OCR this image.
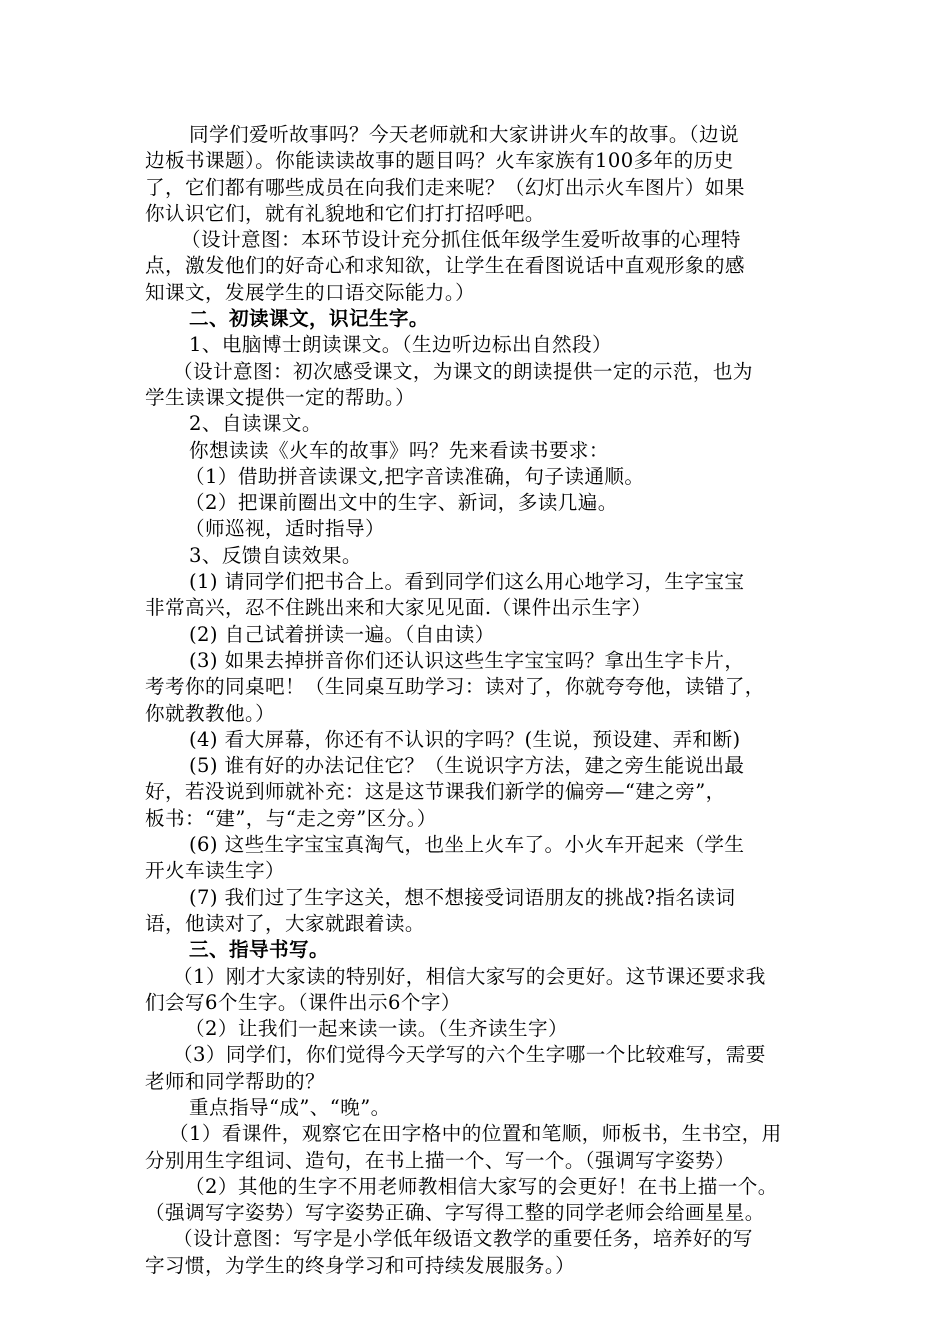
同学们爱听故事吗？今天老师就和大家讲讲火车的故事。（边说
边板书课题）。你能读读故事的题目吗？火车家族有100多年的历史
了，它们都有哪些成员在向我们走来呢？（幻灯出示火车图片）如果
你认识它们，就有礼貌地和它们打打招呼吧。
（设计意图：本环节设计充分抓住低年级学生爱听故事的心理特
点，激发他们的好奇心和求知欲，让学生在看图说话中直观形象的感
知课文，发展学生的口语交际能力。）
二、初读课文，识记生字。
1、电脑博士朗读课文。（生边听边标出自然段）
（设计意图：初次感受课文，为课文的朗读提供一定的示范，也为
学生读课文提供一定的帮助。）
2、自读课文。
你想读读《火车的故事》吗？先来看读书要求：
（1）借助拼音读课文,把字音读准确，句子读通顺。
（2）把课前圈出文中的生字、新词，多读几遍。
（师巡视，适时指导）
3、反馈自读效果。
(1) 请同学们把书合上。看到同学们这么用心地学习，生字宝宝
非常高兴，忍不住跳出来和大家见见面.（课件出示生字）
(2) 自己试着拼读一遍。（自由读）
(3) 如果去掉拼音你们还认识这些生字宝宝吗？拿出生字卡片，
考考你的同桌吧！（生同桌互助学习：读对了，你就夸夸他，读错了，
你就教教他。）
(4) 看大屏幕，你还有不认识的字吗？(生说，预设建、弄和断)
(5) 谁有好的办法记住它？（生说识字方法，建之旁生能说出最
好，若没说到师就补充：这是这节课我们新学的偏旁—“建之旁”，
板书：“建”，与“走之旁”区分。）
(6) 这些生字宝宝真淘气，也坐上火车了。小火车开起来（学生
开火车读生字）
(7) 我们过了生字这关，想不想接受词语朋友的挑战?指名读词
语，他读对了，大家就跟着读。
三、指导书写。
（1）刚才大家读的特别好，相信大家写的会更好。这节课还要求我
们会写6个生字。（课件出示6个字）
（2）让我们一起来读一读。（生齐读生字）
（3）同学们，你们觉得今天学写的六个生字哪一个比较难写，需要
老师和同学帮助的？
重点指导“成”、“晚”。
（1）看课件，观察它在田字格中的位置和笔顺，师板书，生书空，用
分别用生字组词、造句，在书上描一个、写一个。（强调写字姿势）
（2）其他的生字不用老师教相信大家写的会更好！在书上描一个。
（强调写字姿势）写字姿势正确、字写得工整的同学老师会给画星星。
（设计意图：写字是小学低年级语文教学的重要任务，培养好的写
字习惯，为学生的终身学习和可持续发展服务。）
